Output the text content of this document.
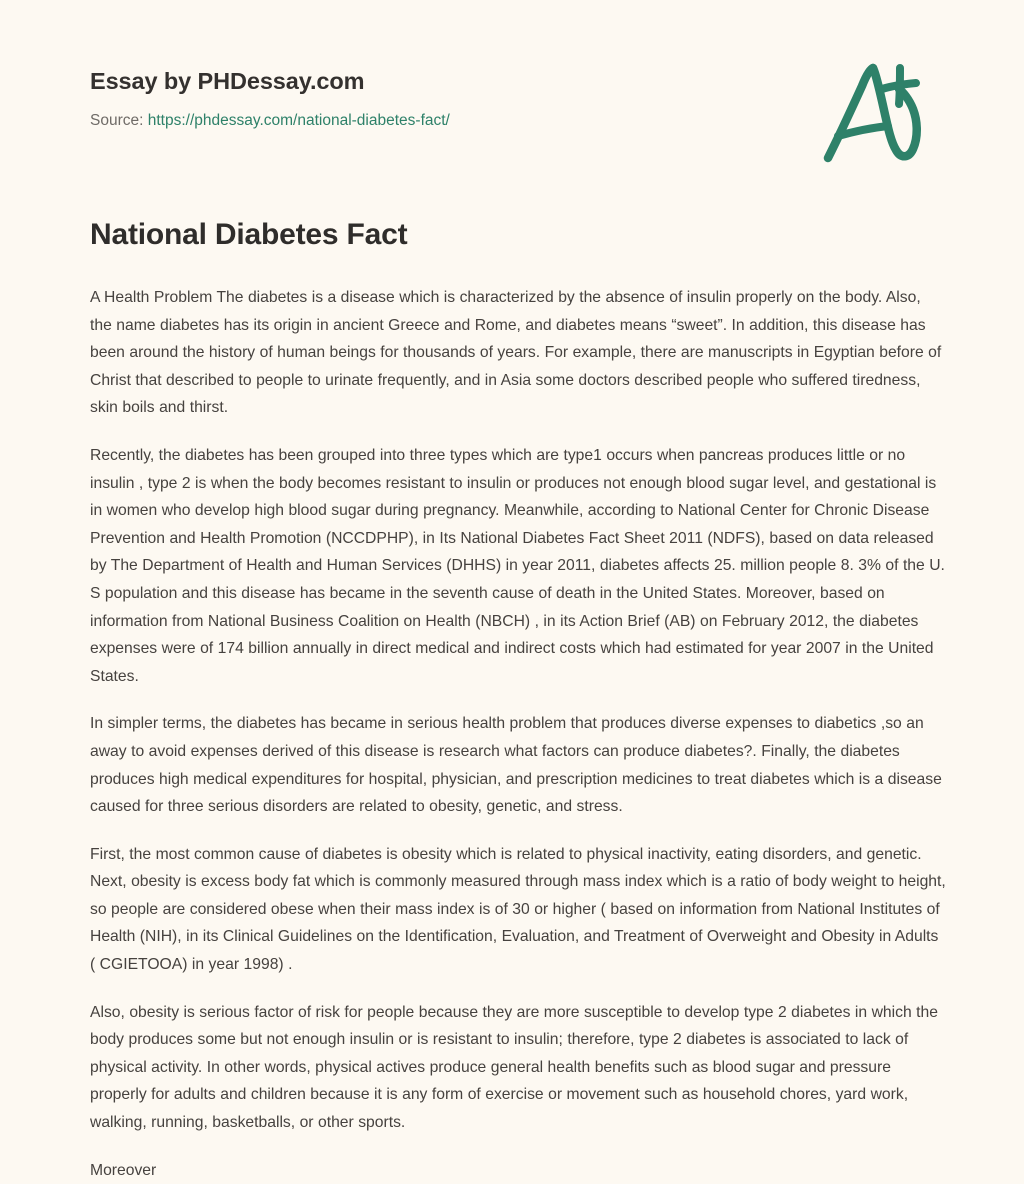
Essay by PHDessay.com
Source: https://phdessay.com/national-diabetes-fact/
National Diabetes Fact

A Health Problem The diabetes is a disease which is characterized by the absence of insulin properly on the body. Also, the name diabetes has its origin in ancient Greece and Rome, and diabetes means “sweet”. In addition, this disease has been around the history of human beings for thousands of years. For example, there are manuscripts in Egyptian before of Christ that described to people to urinate frequently, and in Asia some doctors described people who suffered tiredness, skin boils and thirst.

Recently, the diabetes has been grouped into three types which are type1 occurs when pancreas produces little or no insulin , type 2 is when the body becomes resistant to insulin or produces not enough blood sugar level, and gestational is in women who develop high blood sugar during pregnancy. Meanwhile, according to National Center for Chronic Disease Prevention and Health Promotion (NCCDPHP), in Its National Diabetes Fact Sheet 2011 (NDFS), based on data released by The Department of Health and Human Services (DHHS) in year 2011, diabetes affects 25. million people 8. 3% of the U. S population and this disease has became in the seventh cause of death in the United States. Moreover, based on information from National Business Coalition on Health (NBCH) , in its Action Brief (AB) on February 2012, the diabetes expenses were of 174 billion annually in direct medical and indirect costs which had estimated for year 2007 in the United States.

In simpler terms, the diabetes has became in serious health problem that produces diverse expenses to diabetics ,so an away to avoid expenses derived of this disease is research what factors can produce diabetes?. Finally, the diabetes produces high medical expenditures for hospital, physician, and prescription medicines to treat diabetes which is a disease caused for three serious disorders are related to obesity, genetic, and stress.

First, the most common cause of diabetes is obesity which is related to physical inactivity, eating disorders, and genetic. Next, obesity is excess body fat which is commonly measured through mass index which is a ratio of body weight to height, so people are considered obese when their mass index is of 30 or higher ( based on information from National Institutes of Health (NIH), in its Clinical Guidelines on the Identification, Evaluation, and Treatment of Overweight and Obesity in Adults ( CGIETOOA) in year 1998) .

Also, obesity is serious factor of risk for people because they are more susceptible to develop type 2 diabetes in which the body produces some but not enough insulin or is resistant to insulin; therefore, type 2 diabetes is associated to lack of physical activity. In other words, physical actives produce general health benefits such as blood sugar and pressure properly for adults and children because it is any form of exercise or movement such as household chores, yard work, walking, running, basketballs, or other sports.

Moreover
